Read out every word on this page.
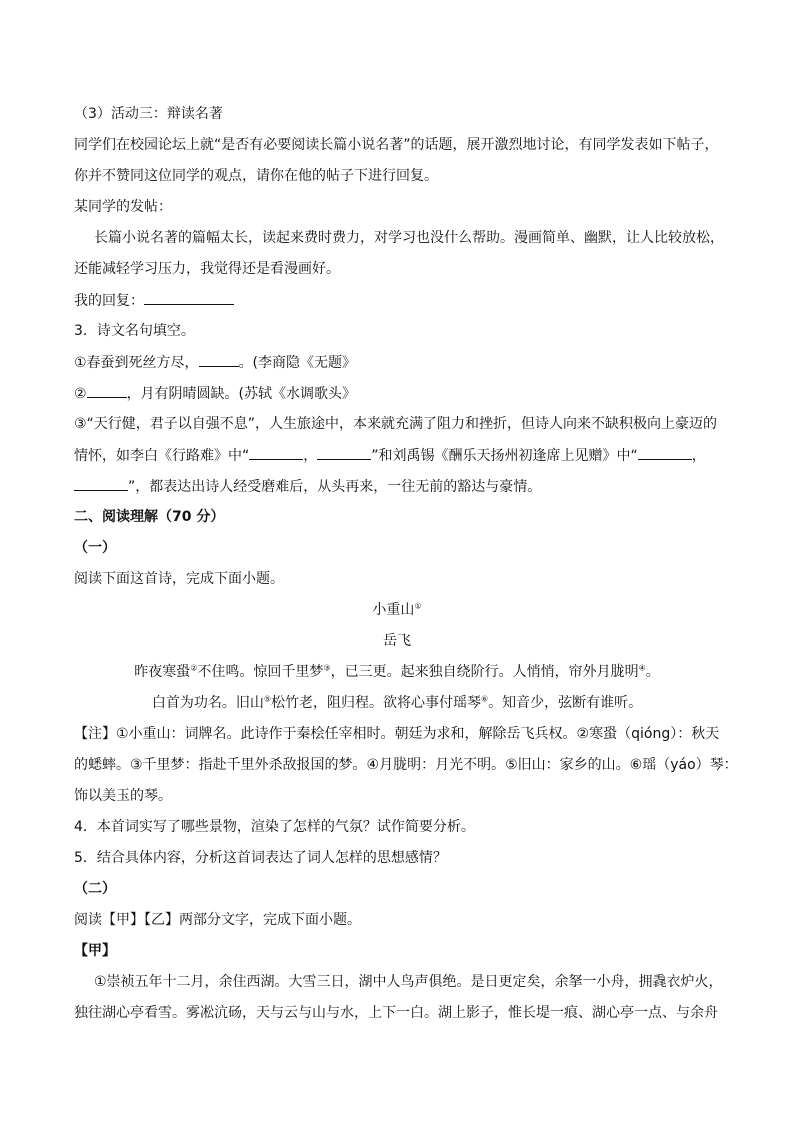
（3）活动三：辩读名著
同学们在校园论坛上就“是否有必要阅读长篇小说名著”的话题，展开激烈地讨论，有同学发表如下帖子，
你并不赞同这位同学的观点，请你在他的帖子下进行回复。
某同学的发帖：
长篇小说名著的篇幅太长，读起来费时费力，对学习也没什么帮助。漫画简单、幽默，让人比较放松，
还能减轻学习压力，我觉得还是看漫画好。
我的回复：
3．诗文名句填空。
①春蚕到死丝方尽，	。(李商隐《无题》
②	，月有阴晴圆缺。(苏轼《水调歌头》
③“天行健，君子以自强不息”，人生旅途中，本来就充满了阻力和挫折，但诗人向来不缺积极向上豪迈的
情怀，如李白《行路难》中“	，	”和刘禹锡《酬乐天扬州初逢席上见赠》中“	，
”，都表达出诗人经受磨难后，从头再来，一往无前的豁达与豪情。
二、阅读理解（70 分）
（一）
阅读下面这首诗，完成下面小题。
小重山①
岳飞
昨夜寒蛩②不住鸣。惊回千里梦③，已三更。起来独自绕阶行。人悄悄，帘外月胧明④。
白首为功名。旧山⑤松竹老，阻归程。欲将心事付瑶琴⑥。知音少，弦断有谁听。
【注】①小重山：词牌名。此诗作于秦桧任宰相时。朝廷为求和，解除岳飞兵权。②寒蛩（qióng）：秋天
的蟋蟀。③千里梦：指赴千里外杀敌报国的梦。④月胧明：月光不明。⑤旧山：家乡的山。⑥瑶（yáo）琴：
饰以美玉的琴。
4．本首词实写了哪些景物，渲染了怎样的气氛？试作简要分析。
5．结合具体内容，分析这首词表达了词人怎样的思想感情？
（二）
阅读【甲】【乙】两部分文字，完成下面小题。
【甲】
①崇祯五年十二月，余住西湖。大雪三日，湖中人鸟声俱绝。是日更定矣，余拏一小舟，拥毳衣炉火，
独往湖心亭看雪。雾凇沆砀，天与云与山与水，上下一白。湖上影子，惟长堤一痕、湖心亭一点、与余舟
